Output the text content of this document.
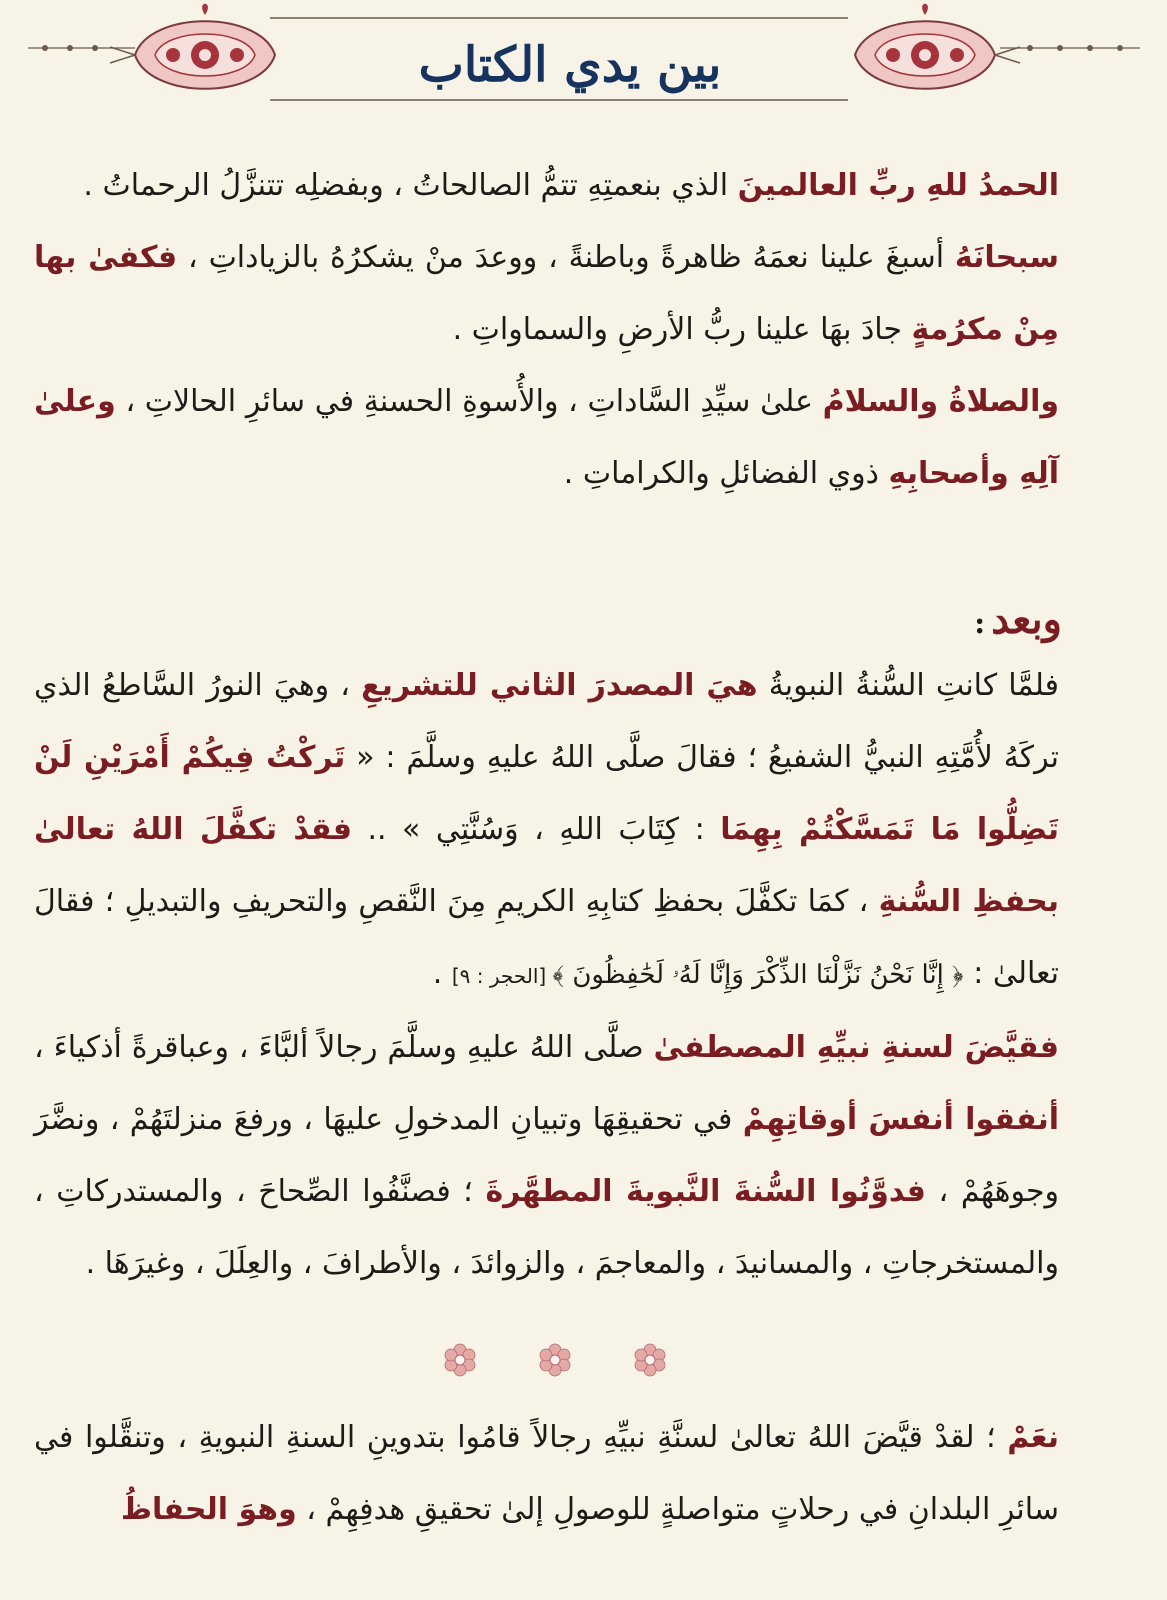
بين يدي الكتاب

الحمدُ للهِ ربِّ العالمينَ الذي بنعمتِهِ تتمُّ الصالحاتُ ، وبفضلِه تتنزَّلُ الرحماتُ .

سبحانَهُ أسبغَ علينا نعمَهُ ظاهرةً وباطنةً ، ووعدَ منْ يشكرُهُ بالزياداتِ ، فكفىٰ بها مِنْ مكرُمةٍ جادَ بهَا علينا ربُّ الأرضِ والسماواتِ .

والصلاةُ والسلامُ علىٰ سيِّدِ السَّاداتِ ، والأُسوةِ الحسنةِ في سائرِ الحالاتِ ، وعلىٰ آلِهِ وأصحابِهِ ذوي الفضائلِ والكراماتِ .

وبعد:

فلمَّا كانتِ السُّنةُ النبويةُ هيَ المصدرَ الثاني للتشريعِ ، وهيَ النورُ السَّاطعُ الذي تركَهُ لأُمَّتِهِ النبيُّ الشفيعُ ؛ فقالَ صلَّى اللهُ عليهِ وسلَّمَ : « تَركْتُ فِيكُمْ أَمْرَيْنِ لَنْ تَضِلُّوا مَا تَمَسَّكْتُمْ بِهِمَا : كِتَابَ اللهِ ، وَسُنَّتِي » .. فقدْ تكفَّلَ اللهُ تعالىٰ بحفظِ السُّنةِ ، كمَا تكفَّلَ بحفظِ كتابِهِ الكريمِ مِنَ النَّقصِ والتحريفِ والتبديلِ ؛ فقالَ تعالىٰ : ﴿ إِنَّا نَحْنُ نَزَّلْنَا الذِّكْرَ وَإِنَّا لَهُۥ لَحَٰفِظُونَ ﴾ [الحجر : ٩] .

فقيَّضَ لسنةِ نبيِّهِ المصطفىٰ صلَّى اللهُ عليهِ وسلَّمَ رجالاً ألبَّاءَ ، وعباقرةً أذكياءَ ، أنفقوا أنفسَ أوقاتِهِمْ في تحقيقِهَا وتبيانِ المدخولِ عليهَا ، ورفعَ منزلتَهُمْ ، ونضَّرَ وجوهَهُمْ ، فدوَّنُوا السُّنةَ النَّبويةَ المطهَّرةَ ؛ فصنَّفُوا الصِّحاحَ ، والمستدركاتِ ، والمستخرجاتِ ، والمسانيدَ ، والمعاجمَ ، والزوائدَ ، والأطرافَ ، والعِلَلَ ، وغيرَهَا .

نعَمْ ؛ لقدْ قيَّضَ اللهُ تعالىٰ لسنَّةِ نبيِّهِ رجالاً قامُوا بتدوينِ السنةِ النبويةِ ، وتنقَّلوا في سائرِ البلدانِ في رحلاتٍ متواصلةٍ للوصولِ إلىٰ تحقيقِ هدفِهِمْ ، وهوَ الحفاظُ
